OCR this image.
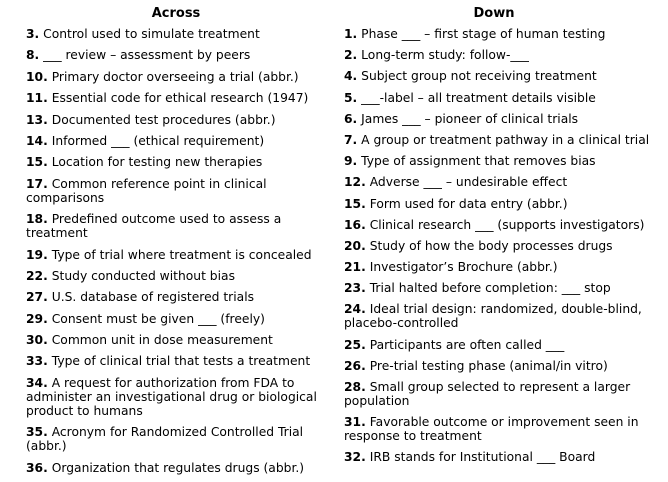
Across
3. Control used to simulate treatment
8. ___ review – assessment by peers
10. Primary doctor overseeing a trial (abbr.)
11. Essential code for ethical research (1947)
13. Documented test procedures (abbr.)
14. Informed ___ (ethical requirement)
15. Location for testing new therapies
17. Common reference point in clinical comparisons
18. Predefined outcome used to assess a treatment
19. Type of trial where treatment is concealed
22. Study conducted without bias
27. U.S. database of registered trials
29. Consent must be given ___ (freely)
30. Common unit in dose measurement
33. Type of clinical trial that tests a treatment
34. A request for authorization from FDA to administer an investigational drug or biological product to humans
35. Acronym for Randomized Controlled Trial (abbr.)
36. Organization that regulates drugs (abbr.)
Down
1. Phase ___ – first stage of human testing
2. Long-term study: follow-___
4. Subject group not receiving treatment
5. ___-label – all treatment details visible
6. James ___ – pioneer of clinical trials
7. A group or treatment pathway in a clinical trial
9. Type of assignment that removes bias
12. Adverse ___ – undesirable effect
15. Form used for data entry (abbr.)
16. Clinical research ___ (supports investigators)
20. Study of how the body processes drugs
21. Investigator’s Brochure (abbr.)
23. Trial halted before completion: ___ stop
24. Ideal trial design: randomized, double-blind, placebo-controlled
25. Participants are often called ___
26. Pre-trial testing phase (animal/in vitro)
28. Small group selected to represent a larger population
31. Favorable outcome or improvement seen in response to treatment
32. IRB stands for Institutional ___ Board
